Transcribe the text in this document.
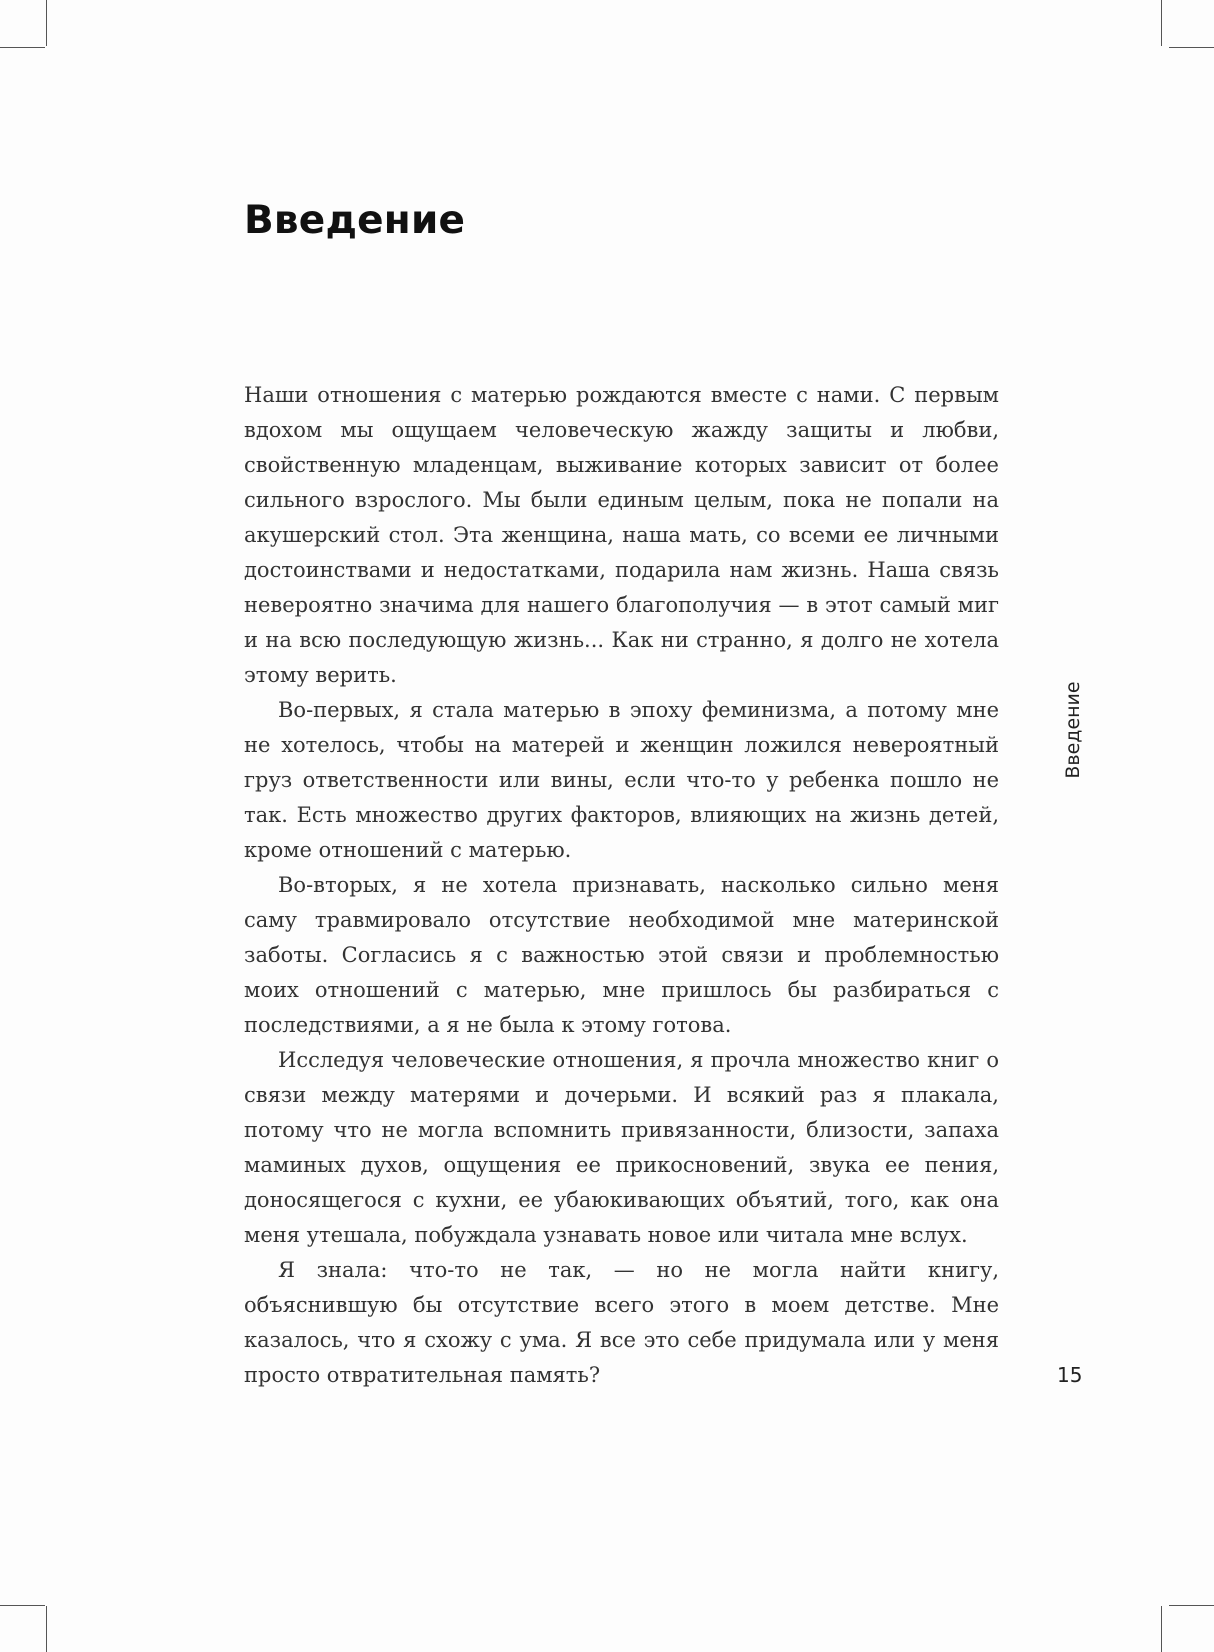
Введение

Наши отношения с матерью рождаются вместе с нами. С первым вдохом мы ощущаем человеческую жажду защиты и любви, свойственную младенцам, выживание которых зависит от более сильного взрослого. Мы были единым целым, пока не попали на акушерский стол. Эта женщина, наша мать, со всеми ее личными достоинствами и недостатками, подарила нам жизнь. Наша связь невероятно значима для нашего благополучия — в этот самый миг и на всю последующую жизнь... Как ни странно, я долго не хотела этому верить.

Во-первых, я стала матерью в эпоху феминизма, а потому мне не хотелось, чтобы на матерей и женщин ложился невероятный груз ответственности или вины, если что-то у ребенка пошло не так. Есть множество других факторов, влияющих на жизнь детей, кроме отношений с матерью.

Во-вторых, я не хотела признавать, насколько сильно меня саму травмировало отсутствие необходимой мне материнской заботы. Согласись я с важностью этой связи и проблемностью моих отношений с матерью, мне пришлось бы разбираться с последствиями, а я не была к этому готова.

Исследуя человеческие отношения, я прочла множество книг о связи между матерями и дочерьми. И всякий раз я плакала, потому что не могла вспомнить привязанности, близости, запаха маминых духов, ощущения ее прикосновений, звука ее пения, доносящегося с кухни, ее убаюкивающих объятий, того, как она меня утешала, побуждала узнавать новое или читала мне вслух.

Я знала: что-то не так, — но не могла найти книгу, объяснившую бы отсутствие всего этого в моем детстве. Мне казалось, что я схожу с ума. Я все это себе придумала или у меня просто отвратительная память?

Введение
15
